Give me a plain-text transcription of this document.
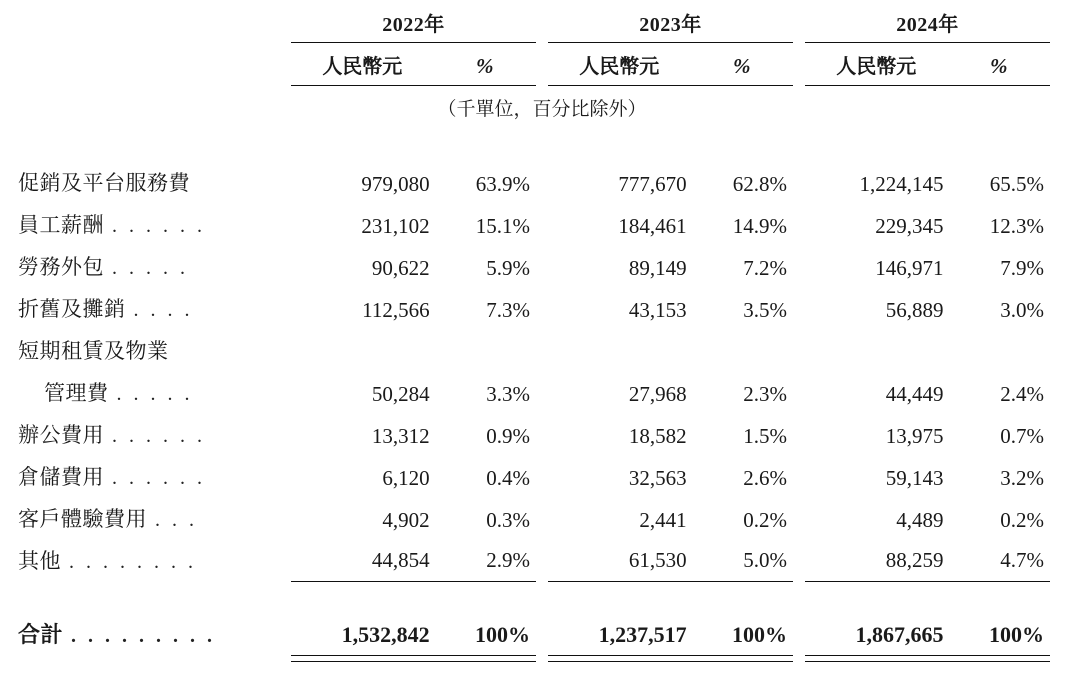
	2022年			2023年			2024年	
	人民幣元	%		人民幣元	%		人民幣元	%
	（千單位，百分比除外）							

促銷及平台服務費	979,080	63.9%		777,670	62.8%		1,224,145	65.5%
員工薪酬 . . . . . .	231,102	15.1%		184,461	14.9%		229,345	12.3%
勞務外包 . . . . .	90,622	5.9%		89,149	7.2%		146,971	7.9%
折舊及攤銷 . . . .	112,566	7.3%		43,153	3.5%		56,889	3.0%
短期租賃及物業								
管理費 . . . . .	50,284	3.3%		27,968	2.3%		44,449	2.4%
辦公費用 . . . . . .	13,312	0.9%		18,582	1.5%		13,975	0.7%
倉儲費用 . . . . . .	6,120	0.4%		32,563	2.6%		59,143	3.2%
客戶體驗費用 . . .	4,902	0.3%		2,441	0.2%		4,489	0.2%
其他 . . . . . . . .	44,854	2.9%		61,530	5.0%		88,259	4.7%

合計 . . . . . . . . .	1,532,842	100%		1,237,517	100%		1,867,665	100%
